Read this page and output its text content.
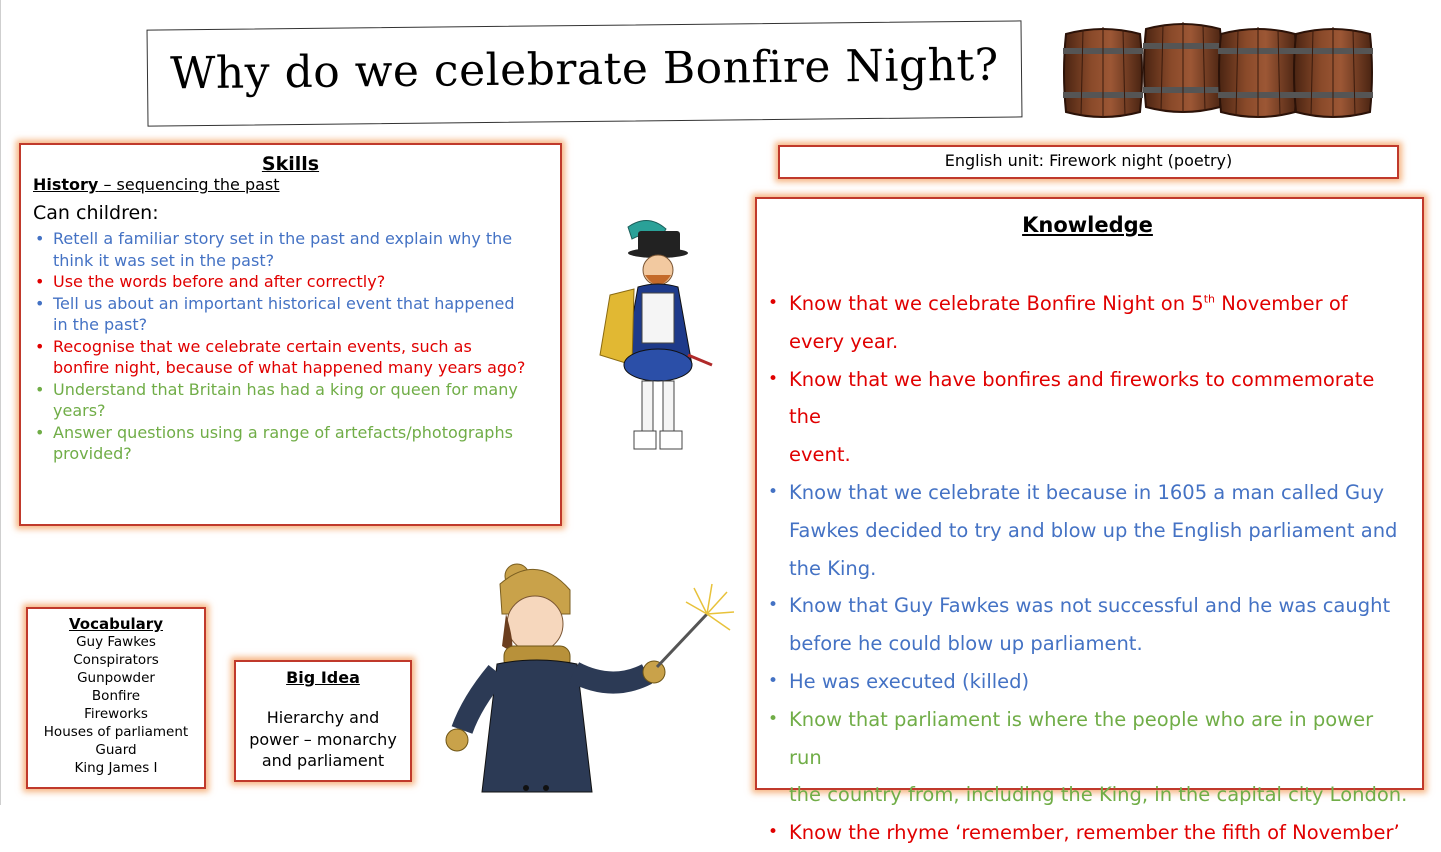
Why do we celebrate Bonfire Night?
Skills
History – sequencing the past
Can children:
• Retell a familiar story set in the past and explain why the
think it was set in the past?
• Use the words before and after correctly?
• Tell us about an important historical event that happened
in the past?
• Recognise that we celebrate certain events, such as
bonfire night, because of what happened many years ago?
• Understand that Britain has had a king or queen for many
years?
• Answer questions using a range of artefacts/photographs
provided?
English unit: Firework night (poetry)
Knowledge
• Know that we celebrate Bonfire Night on 5th November of
every year.
• Know that we have bonfires and fireworks to commemorate the
event.
• Know that we celebrate it because in 1605 a man called Guy
Fawkes decided to try and blow up the English parliament and
the King.
• Know that Guy Fawkes was not successful and he was caught
before he could blow up parliament.
• He was executed (killed)
• Know that parliament is where the people who are in power run
the country from, including the King, in the capital city London.
• Know the rhyme ‘remember, remember the fifth of November’
Vocabulary
Guy Fawkes
Conspirators
Gunpowder
Bonfire
Fireworks
Houses of parliament
Guard
King James I
Big Idea
Hierarchy and
power – monarchy
and parliament
